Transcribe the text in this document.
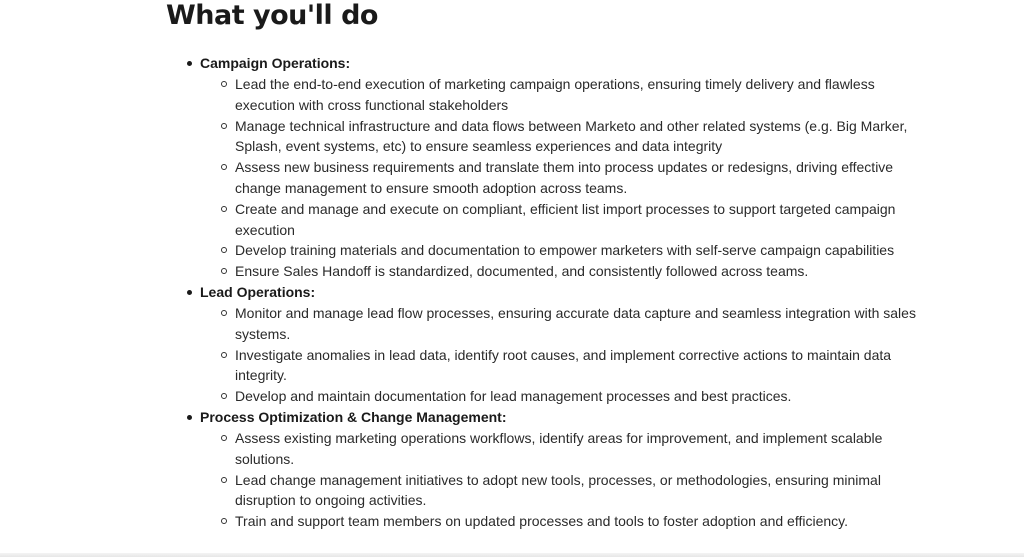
What you'll do
Campaign Operations:
Lead the end-to-end execution of marketing campaign operations, ensuring timely delivery and flawless execution with cross functional stakeholders
Manage technical infrastructure and data flows between Marketo and other related systems (e.g. Big Marker, Splash, event systems, etc) to ensure seamless experiences and data integrity
Assess new business requirements and translate them into process updates or redesigns, driving effective change management to ensure smooth adoption across teams.
Create and manage and execute on compliant, efficient list import processes to support targeted campaign execution
Develop training materials and documentation to empower marketers with self-serve campaign capabilities
Ensure Sales Handoff is standardized, documented, and consistently followed across teams.
Lead Operations:
Monitor and manage lead flow processes, ensuring accurate data capture and seamless integration with sales systems.
Investigate anomalies in lead data, identify root causes, and implement corrective actions to maintain data integrity.
Develop and maintain documentation for lead management processes and best practices.
Process Optimization & Change Management:
Assess existing marketing operations workflows, identify areas for improvement, and implement scalable solutions.
Lead change management initiatives to adopt new tools, processes, or methodologies, ensuring minimal disruption to ongoing activities.
Train and support team members on updated processes and tools to foster adoption and efficiency.
